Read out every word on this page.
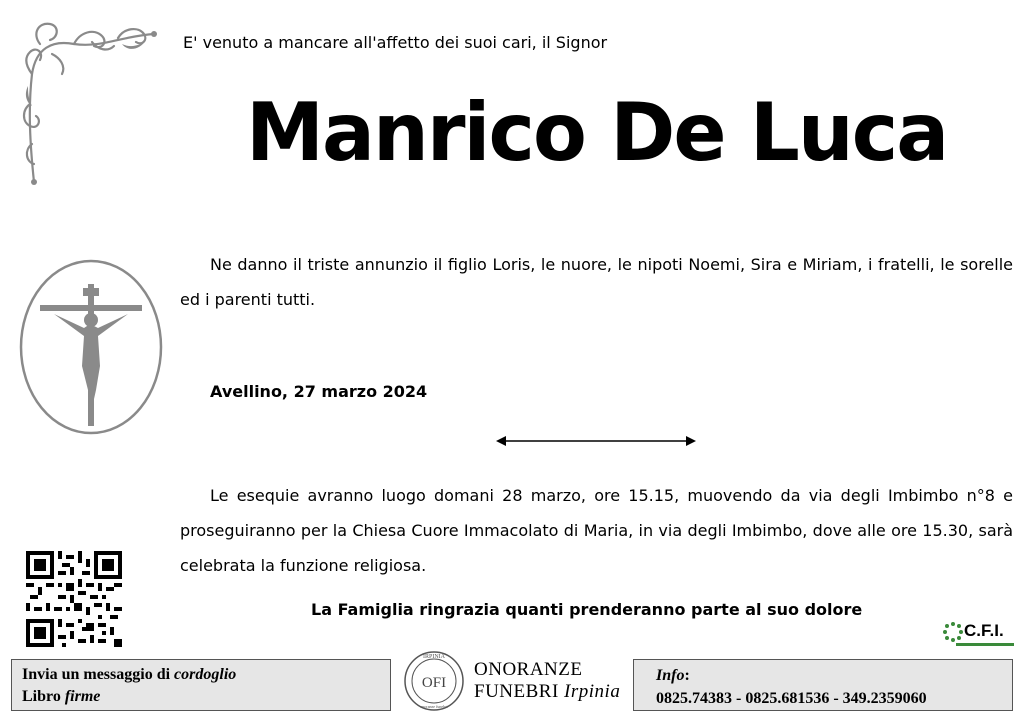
E' venuto a mancare all'affetto dei suoi cari, il Signor
Manrico De Luca
Ne danno il triste annunzio il figlio Loris, le nuore, le nipoti Noemi, Sira e Miriam, i fratelli, le sorelle ed i parenti tutti.
Avellino, 27 marzo 2024
Le esequie avranno luogo domani 28 marzo, ore 15.15, muovendo da via degli Imbimbo n°8 e proseguiranno per la Chiesa Cuore Immacolato di Maria, in via degli Imbimbo, dove alle ore 15.30, sarà celebrata la funzione religiosa.
La Famiglia ringrazia quanti prenderanno parte al suo dolore
C.F.I.
Invia un messaggio di cordoglio
Libro firme
IRPINIA
OFI
onoranze funebri
ONORANZE
FUNEBRI Irpinia
Info:
0825.74383 - 0825.681536 - 349.2359060
